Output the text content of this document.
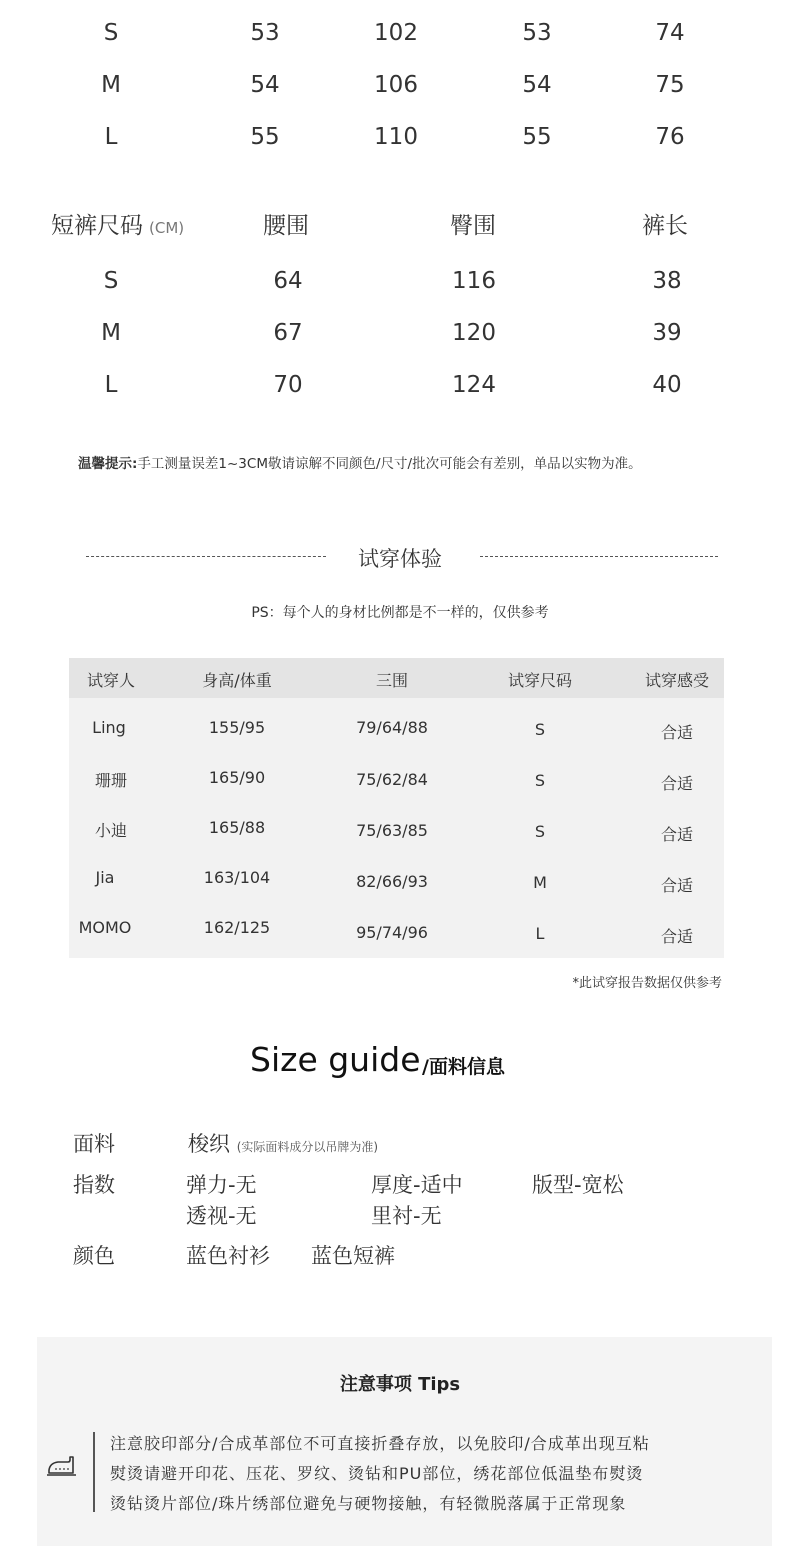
S	53	102	53	74
M	54	106	54	75
L	55	110	55	76
短裤尺码 (CM)	腰围	臀围	裤长
S	64	116	38
M	67	120	39
L	70	124	40
温馨提示:手工测量误差1~3CM敬请谅解不同颜色/尺寸/批次可能会有差别，单品以实物为准。
试穿体验
PS：每个人的身材比例都是不一样的，仅供参考
试穿人	身高/体重	三围	试穿尺码	试穿感受
Ling	155/95	79/64/88	S	合适
珊珊	165/90	75/62/84	S	合适
小迪	165/88	75/63/85	S	合适
Jia	163/104	82/66/93	M	合适
MOMO	162/125	95/74/96	L	合适
*此试穿报告数据仅供参考
Size guide /面料信息
面料	梭织 (实际面料成分以吊牌为准)
指数	弹力-无	厚度-适中	版型-宽松
透视-无	里衬-无
颜色	蓝色衬衫 蓝色短裤
注意事项 Tips
注意胶印部分/合成革部位不可直接折叠存放，以免胶印/合成革出现互粘
熨烫请避开印花、压花、罗纹、烫钻和PU部位，绣花部位低温垫布熨烫
烫钻烫片部位/珠片绣部位避免与硬物接触，有轻微脱落属于正常现象
